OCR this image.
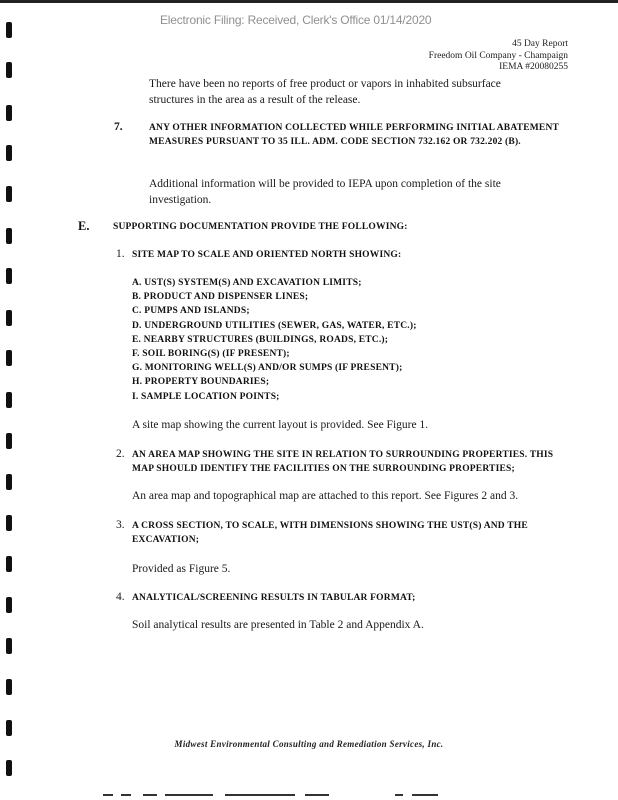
Electronic Filing: Received, Clerk's Office 01/14/2020
45 Day Report
Freedom Oil Company - Champaign
IEMA #20080255
There have been no reports of free product or vapors in inhabited subsurface structures in the area as a result of the release.
7.	ANY OTHER INFORMATION COLLECTED WHILE PERFORMING INITIAL ABATEMENT MEASURES PURSUANT TO 35 ILL. ADM. CODE SECTION 732.162 OR 732.202 (B).
Additional information will be provided to IEPA upon completion of the site investigation.
E. SUPPORTING DOCUMENTATION PROVIDE THE FOLLOWING:
1. SITE MAP TO SCALE AND ORIENTED NORTH SHOWING:
A. UST(S) SYSTEM(S) AND EXCAVATION LIMITS;
B. PRODUCT AND DISPENSER LINES;
C. PUMPS AND ISLANDS;
D. UNDERGROUND UTILITIES (SEWER, GAS, WATER, ETC.);
E. NEARBY STRUCTURES (BUILDINGS, ROADS, ETC.);
F. SOIL BORING(S) (IF PRESENT);
G. MONITORING WELL(S) AND/OR SUMPS (IF PRESENT);
H. PROPERTY BOUNDARIES;
I. SAMPLE LOCATION POINTS;
A site map showing the current layout is provided. See Figure 1.
2. AN AREA MAP SHOWING THE SITE IN RELATION TO SURROUNDING PROPERTIES. THIS MAP SHOULD IDENTIFY THE FACILITIES ON THE SURROUNDING PROPERTIES;
An area map and topographical map are attached to this report. See Figures 2 and 3.
3. A CROSS SECTION, TO SCALE, WITH DIMENSIONS SHOWING THE UST(S) AND THE EXCAVATION;
Provided as Figure 5.
4. ANALYTICAL/SCREENING RESULTS IN TABULAR FORMAT;
Soil analytical results are presented in Table 2 and Appendix A.
Midwest Environmental Consulting and Remediation Services, Inc.
